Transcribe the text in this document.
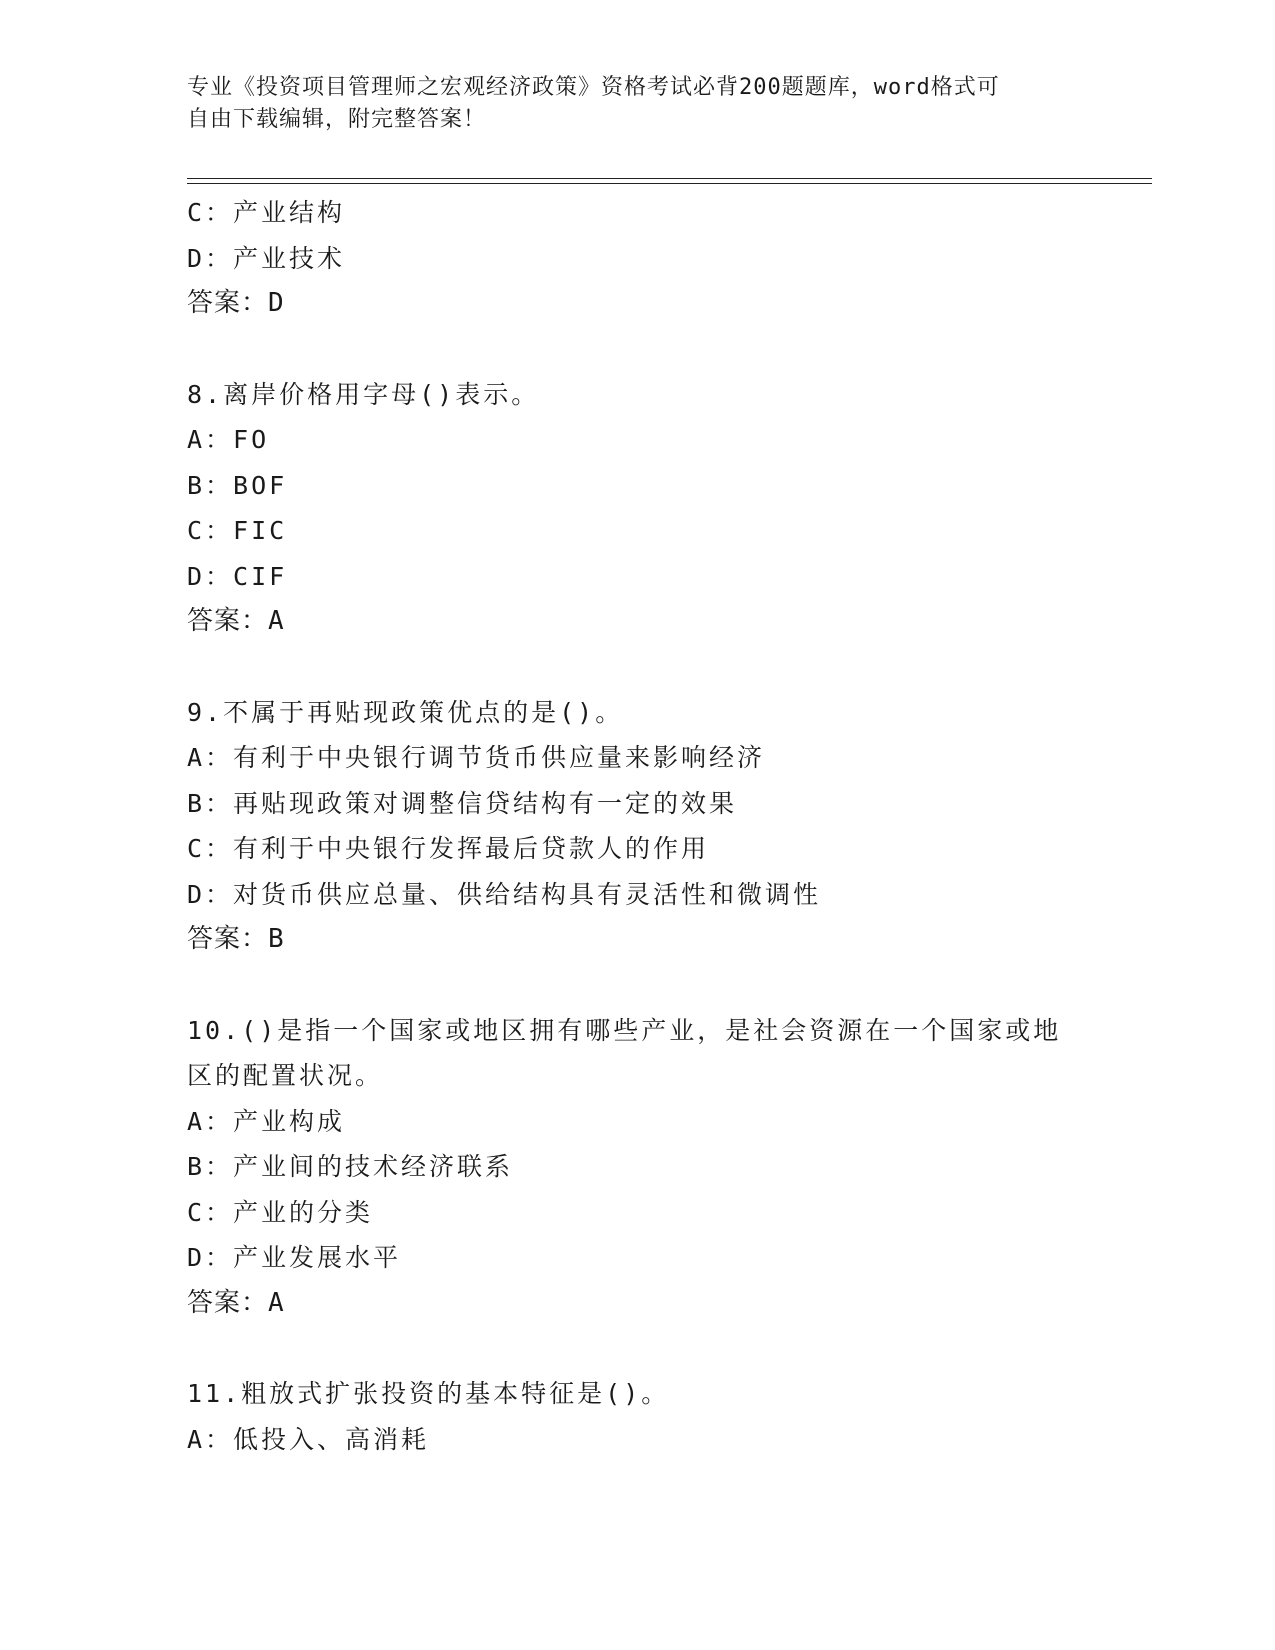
专业《投资项目管理师之宏观经济政策》资格考试必背200题题库，word格式可
自由下载编辑，附完整答案！
C：产业结构
D：产业技术
答案：D
8.离岸价格用字母()表示。
A：FO
B：BOF
C：FIC
D：CIF
答案：A
9.不属于再贴现政策优点的是()。
A：有利于中央银行调节货币供应量来影响经济
B：再贴现政策对调整信贷结构有一定的效果
C：有利于中央银行发挥最后贷款人的作用
D：对货币供应总量、供给结构具有灵活性和微调性
答案：B
10.()是指一个国家或地区拥有哪些产业，是社会资源在一个国家或地
区的配置状况。
A：产业构成
B：产业间的技术经济联系
C：产业的分类
D：产业发展水平
答案：A
11.粗放式扩张投资的基本特征是()。
A：低投入、高消耗
